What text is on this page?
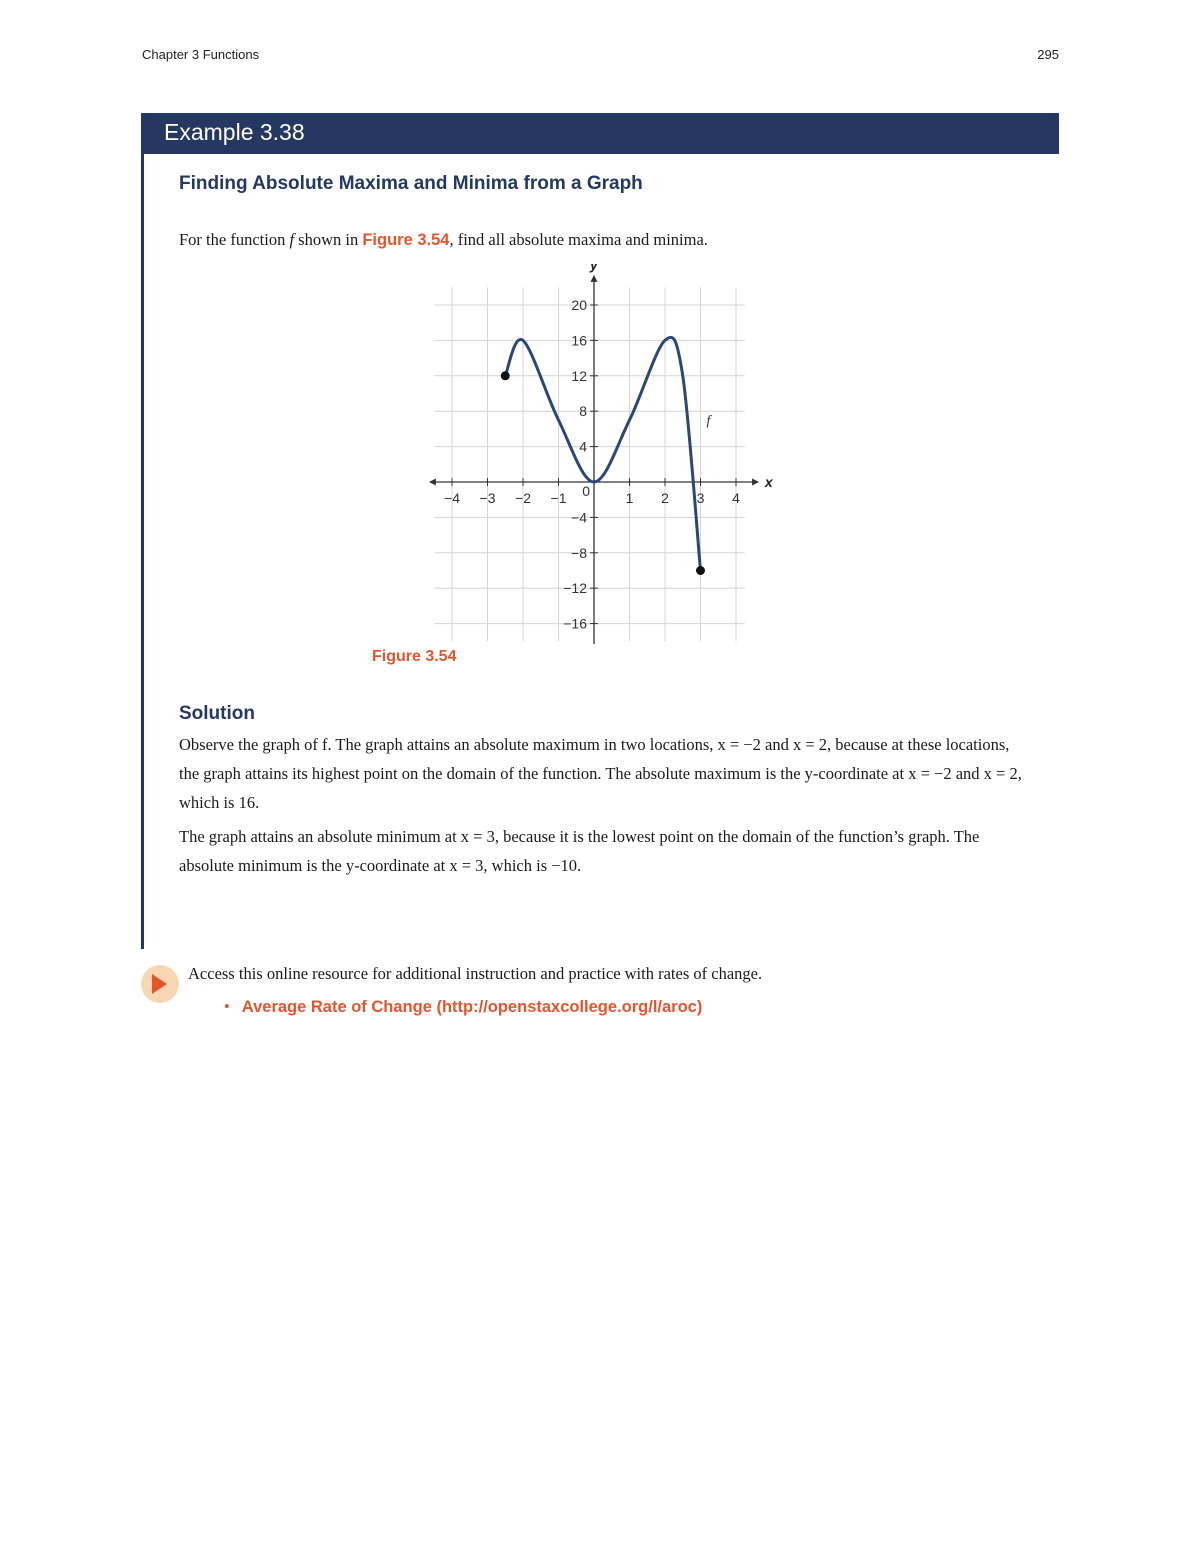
Chapter 3 Functions	295
Example 3.38
Finding Absolute Maxima and Minima from a Graph
For the function f shown in Figure 3.54, find all absolute maxima and minima.
x
y
−4 −3 −2 −1 0	1 2 3 4
20
16
12
8
4
−4
−8
−12
−16
f
Figure 3.54
Solution
Observe the graph of f. The graph attains an absolute maximum in two locations, x = −2 and x = 2, because at these locations, the graph attains its highest point on the domain of the function. The absolute maximum is the y-coordinate at x = −2 and x = 2, which is 16.
The graph attains an absolute minimum at x = 3, because it is the lowest point on the domain of the function’s graph. The absolute minimum is the y-coordinate at x = 3, which is −10.
Access this online resource for additional instruction and practice with rates of change.
• Average Rate of Change (http://openstaxcollege.org/l/aroc)
